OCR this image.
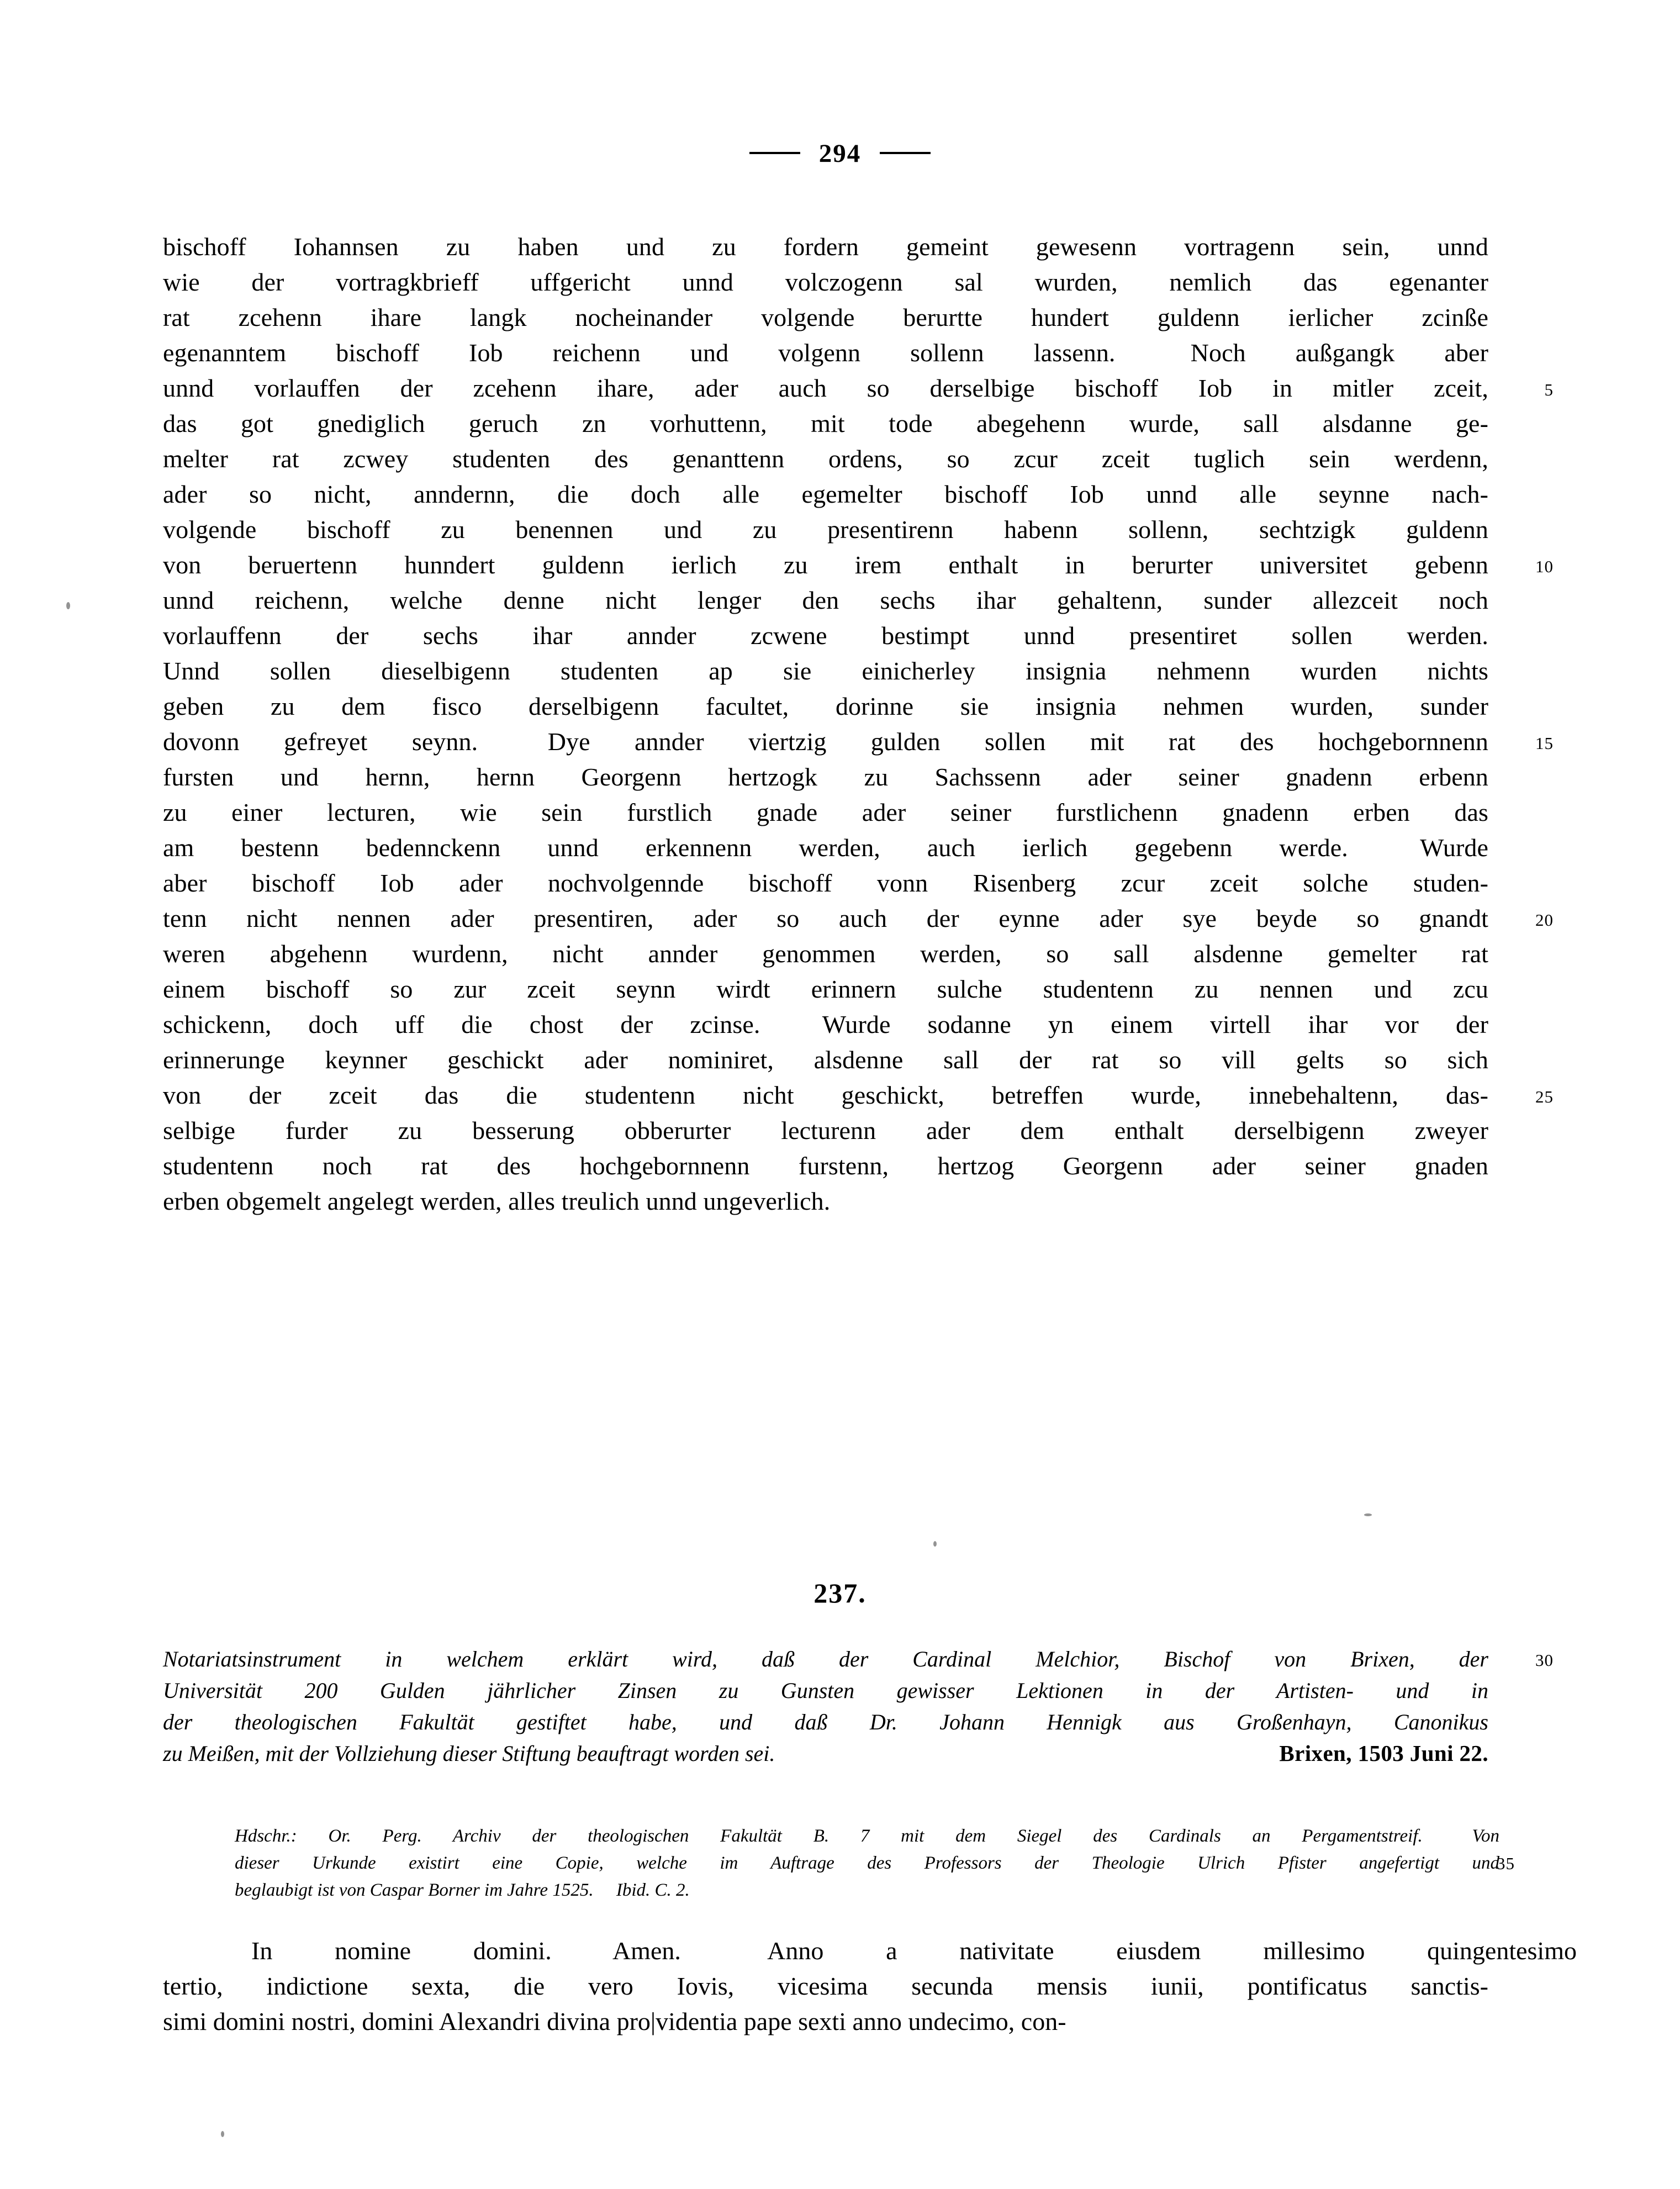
294
bischoff Iohannsen zu haben und zu fordern gemeint gewesenn vortragenn sein, unnd
wie der vortragkbrieff uffgericht unnd volczogenn sal wurden, nemlich das egenanter
rat zcehenn ihare langk nocheinander volgende berurtte hundert guldenn ierlicher zcinße
egenanntem bischoff Iob reichenn und volgenn sollenn lassenn.  Noch außgangk aber
unnd vorlauffen der zcehenn ihare, ader auch so derselbige bischoff Iob in mitler zceit,	5
das got gnediglich geruch zn vorhuttenn, mit tode abegehenn wurde, sall alsdanne ge-
melter rat zcwey studenten des genanttenn ordens, so zcur zceit tuglich sein werdenn,
ader so nicht, anndernn, die doch alle egemelter bischoff Iob unnd alle seynne nach-
volgende bischoff zu benennen und zu presentirenn habenn sollenn, sechtzigk guldenn
von beruertenn hunndert guldenn ierlich zu irem enthalt in berurter universitet gebenn	10
unnd reichenn, welche denne nicht lenger den sechs ihar gehaltenn, sunder allezceit noch
vorlauffenn der sechs ihar annder zcwene bestimpt unnd presentiret sollen werden.
Unnd sollen dieselbigenn studenten ap sie einicherley insignia nehmenn wurden nichts
geben zu dem fisco derselbigenn facultet, dorinne sie insignia nehmen wurden, sunder
dovonn gefreyet seynn.  Dye annder viertzig gulden sollen mit rat des hochgebornnenn	15
fursten und hernn, hernn Georgenn hertzogk zu Sachssenn ader seiner gnadenn erbenn
zu einer lecturen, wie sein furstlich gnade ader seiner furstlichenn gnadenn erben das
am bestenn bedennckenn unnd erkennenn werden, auch ierlich gegebenn werde.  Wurde
aber bischoff Iob ader nochvolgennde bischoff vonn Risenberg zcur zceit solche studen-
tenn nicht nennen ader presentiren, ader so auch der eynne ader sye beyde so gnandt	20
weren abgehenn wurdenn, nicht annder genommen werden, so sall alsdenne gemelter rat
einem bischoff so zur zceit seynn wirdt erinnern sulche studentenn zu nennen und zcu
schickenn, doch uff die chost der zcinse.  Wurde sodanne yn einem virtell ihar vor der
erinnerunge keynner geschickt ader nominiret, alsdenne sall der rat so vill gelts so sich
von der zceit das die studentenn nicht geschickt, betreffen wurde, innebehaltenn, das-	25
selbige furder zu besserung obberurter lecturenn ader dem enthalt derselbigenn zweyer
studentenn noch rat des hochgebornnenn furstenn, hertzog Georgenn ader seiner gnaden
erben obgemelt angelegt werden, alles treulich unnd ungeverlich.
237.
Notariatsinstrument in welchem erklärt wird, daß der Cardinal Melchior, Bischof von Brixen, der	30
Universität 200 Gulden jährlicher Zinsen zu Gunsten gewisser Lektionen in der Artisten- und in
der theologischen Fakultät gestiftet habe, und daß Dr. Johann Hennigk aus Großenhayn, Canonikus
zu Meißen, mit der Vollziehung dieser Stiftung beauftragt worden sei.	Brixen, 1503 Juni 22.
Hdschr.: Or. Perg. Archiv der theologischen Fakultät B. 7 mit dem Siegel des Cardinals an Pergamentstreif.  Von
dieser Urkunde existirt eine Copie, welche im Auftrage des Professors der Theologie Ulrich Pfister angefertigt und
35
beglaubigt ist von Caspar Borner im Jahre 1525.  Ibid. C. 2.
In nomine domini. Amen.  Anno a nativitate eiusdem millesimo quingentesimo
tertio, indictione sexta, die vero Iovis, vicesima secunda mensis iunii, pontificatus sanctis-
simi domini nostri, domini Alexandri divina pro|videntia pape sexti anno undecimo, con-
